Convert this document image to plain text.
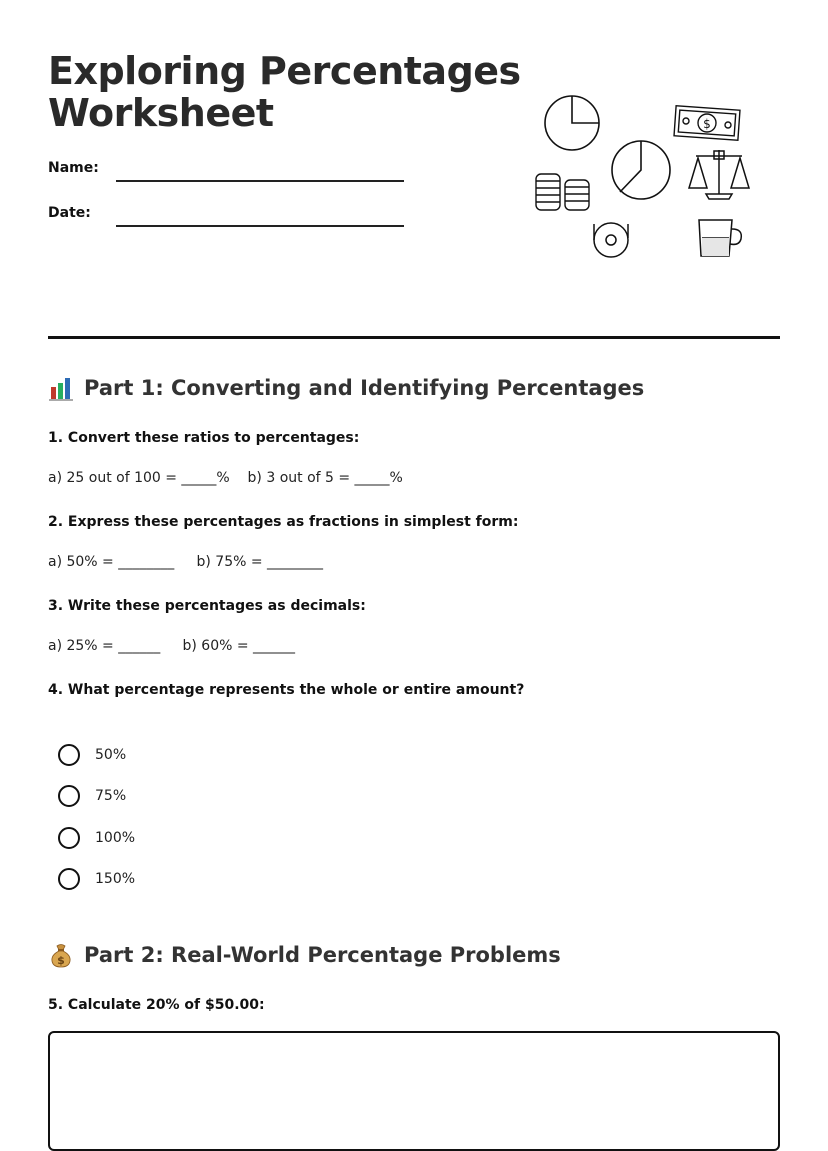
Exploring Percentages
Worksheet
Name:
Date:
$
Part 1: Converting and Identifying Percentages
1. Convert these ratios to percentages:
a) 25 out of 100 = _____%    b) 3 out of 5 = _____%
2. Express these percentages as fractions in simplest form:
a) 50% = ________     b) 75% = ________
3. Write these percentages as decimals:
a) 25% = ______     b) 60% = ______
4. What percentage represents the whole or entire amount?
50%
75%
100%
150%
$ Part 2: Real-World Percentage Problems
5. Calculate 20% of $50.00:
